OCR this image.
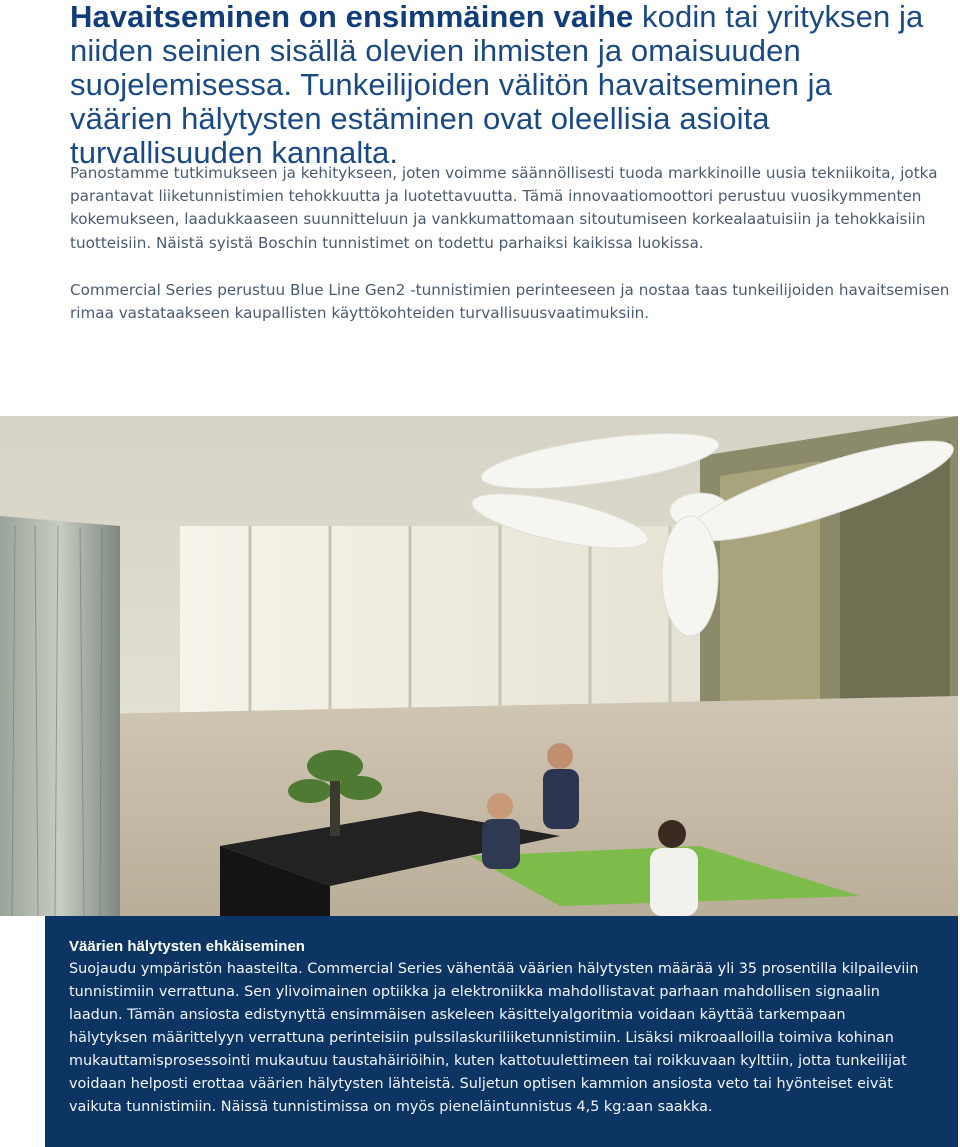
Havaitseminen on ensimmäinen vaihe kodin tai yrityksen ja niiden seinien sisällä olevien ihmisten ja omaisuuden suojelemisessa. Tunkeilijoiden välitön havaitseminen ja väärien hälytysten estäminen ovat oleellisia asioita turvallisuuden kannalta.

Panostamme tutkimukseen ja kehitykseen, joten voimme säännöllisesti tuoda markkinoille uusia tekniikoita, jotka parantavat liiketunnistimien tehokkuutta ja luotettavuutta. Tämä innovaatiomoottori perustuu vuosikymmenten kokemukseen, laadukkaaseen suunnitteluun ja vankkumattomaan sitoutumiseen korkealaatuisiin ja tehokkaisiin tuotteisiin. Näistä syistä Boschin tunnistimet on todettu parhaiksi kaikissa luokissa.

Commercial Series perustuu Blue Line Gen2 -tunnistimien perinteeseen ja nostaa taas tunkeilijoiden havaitsemisen rimaa vastataakseen kaupallisten käyttökohteiden turvallisuusvaatimuksiin.

Väärien hälytysten ehkäiseminen
Suojaudu ympäristön haasteilta. Commercial Series vähentää väärien hälytysten määrää yli 35 prosentilla kilpaileviin tunnistimiin verrattuna. Sen ylivoimainen optiikka ja elektroniikka mahdollistavat parhaan mahdollisen signaalin laadun. Tämän ansiosta edistynyttä ensimmäisen askeleen käsittelyalgoritmia voidaan käyttää tarkempaan hälytyksen määrittelyyn verrattuna perinteisiin pulssilaskuriliiketunnistimiin. Lisäksi mikroaalloilla toimiva kohinan mukauttamisprosessointi mukautuu taustahäiriöihin, kuten kattotuulettimeen tai roikkuvaan kylttiin, jotta tunkeilijat voidaan helposti erottaa väärien hälytysten lähteistä. Suljetun optisen kammion ansiosta veto tai hyönteiset eivät vaikuta tunnistimiin. Näissä tunnistimissa on myös pieneläintunnistus 4,5 kg:aan saakka.
